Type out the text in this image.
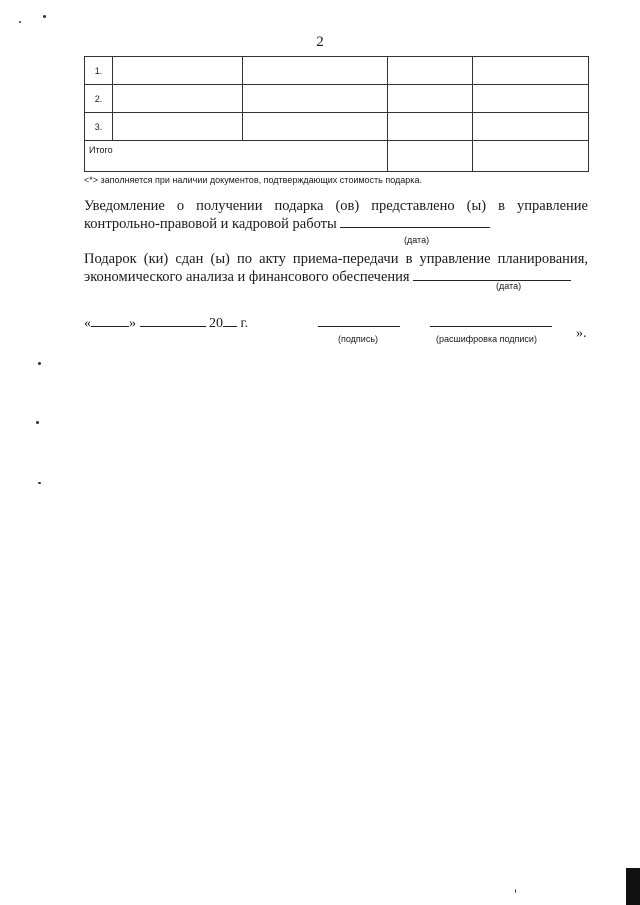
2
1.				
2.				
3.				
Итого				
<*> заполняется при наличии документов, подтверждающих стоимость подарка.
Уведомление о получении подарка (ов) представлено (ы) в управление
контрольно-правовой и кадровой работы
(дата)
Подарок (ки) сдан (ы) по акту приема-передачи в управление планирования,
экономического анализа и финансового обеспечения
(дата)
«	»	20 г.
(подпись)	(расшифровка подписи)	».
